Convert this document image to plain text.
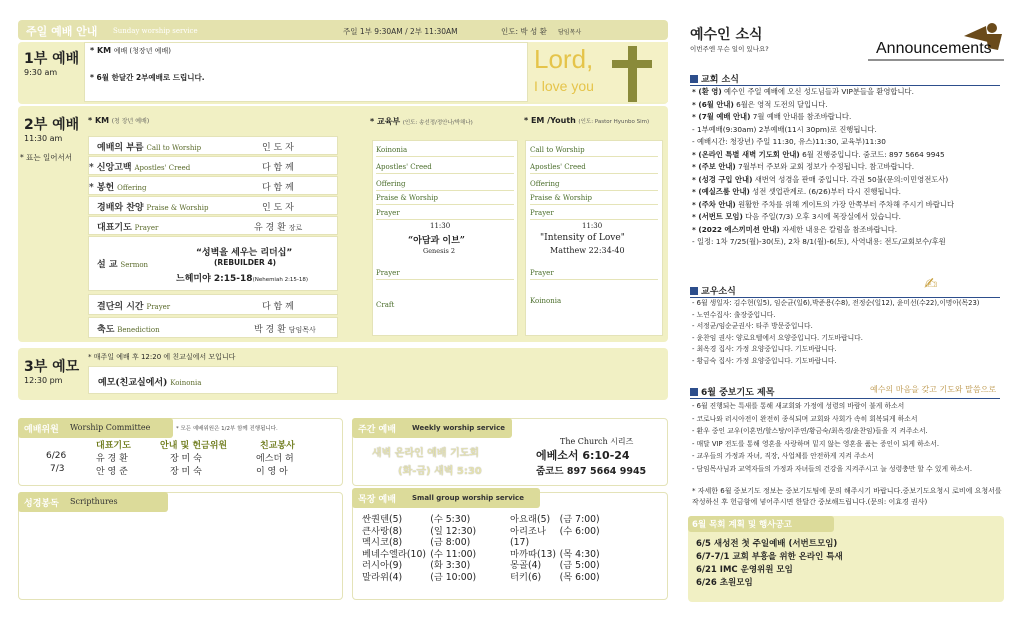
주일 예배 안내 Sunday worship service	주일 1부 9:30AM / 2부 11:30AM	인도: 박 성 환 담임목사
1부 예배
9:30 am
* KM 예배 (청장년 예배)
* 6월 한달간 2부예배로 드립니다.
Lord,
I love you
2부 예배
11:30 am
* 표는 일어서서
* KM (청 장년 예배)
예배의 부름 Call to Worship	인 도 자
* 신앙고백 Apostles' Creed	다 함 께
* 봉헌 Offering	다 함 께
경배와 찬양 Praise & Worship	인 도 자
대표기도 Prayer	유 경 환 장로
설 교 Sermon
“성벽을 세우는 리더십”
(REBUILDER 4)
느헤미야 2:15-18(Nehemiah 2:15-18)
결단의 시간 Prayer	다 함 께
축도 Benediction	박 경 환 담임목사
* 교육부 (인도: 송선정/정안나/박해나)
Koinonia
Apostles' Creed
Offering
Praise & Worship
Prayer
11:30
“아담과 이브”
Genesis 2
Prayer
Craft
* EM /Youth (인도: Pastor Hyunbo Sim)
Call to Worship
Apostles' Creed
Offering
Praise & Worship
Prayer
11:30
"Intensity of Love"
Matthew 22:34-40
Prayer
Koinonia
3부 예모
12:30 pm
* 매주일 예배 후 12:20 에 친교실에서 모입니다
예모(친교실에서) Koinonia
예배위원 Worship Committee	* 모든 예배위원은 1/2부 함께 진행됩니다.
대표기도	안내 및 헌금위원	친교봉사
6/26	유 경 환	장 미 숙	에스더 허
7/3	안 영 준	장 미 숙	이 영 아
성경봉독 Scripthures
주간 예배 Weekly worship service
새벽 온라인 예배 기도회
(화-금) 새벽 5:30
The Church 시리즈
에베소서 6:10-24
줌코드 897 5664 9945
목장 예배 Small group worship service
싼퀀텐(5)	(수 5:30)
큰사랑(8)	(일 12:30)
멕시코(8)	(금 8:00)
베네수엘라(10) (수 11:00)
러시아(9)	(화 3:30)
말라위(4)	(금 10:00)
아요래(5)	(금 7:00)
아리조나(17)
(수 6:00)
마까따(13) (목 4:30)
몽골(4)	(금 5:00)
터키(6)	(목 6:00)
예수인 소식
이번주엔 무슨 일이 있나요?	Announcements
교회 소식
* (환 영) 예수인 주일 예배에 오신 성도님들과 VIP분들을 환영합니다.
* (6월 안내) 6월은 영적 도전의 달입니다.
* (7월 예배 안내) 7월 예배 안내를 참조바랍니다.
- 1부예배(9:30am) 2부예배(11시 30pm)로 진행됩니다.
- 예배시간: 청장년) 주일 11:30, 유스)11:30, 교육부)11:30
* (온라인 특별 새벽 기도회 안내) 6월 진행중입니다. 줌코드: 897 5664 9945
* (주보 안내) 7월부터 주보와 교회 정보가 수정됩니다. 참고바랍니다.
* (성경 구입 안내) 새번역 성경을 판매 중입니다. 각권 50불(문의:이민영전도사)
* (예실즈룸 안내) 성전 셋업관계로. (6/26)부터 다시 진행됩니다.
* (주차 안내) 원활한 주차를 위해 게이트의 가장 안쪽부터 주차해 주시기 바랍니다
* (서번트 모임) 다음 주일(7/3) 오후 3시에 목장실에서 있습니다.
* (2022 에스끼미션 안내) 자세한 내용은 칼럼을 참조바랍니다.
- 일정: 1차 7/25(월)-30(토), 2차 8/1(월)-6(토), 사역내용: 전도/교회보수/후원
교우소식	✍
- 6월 생일자: 김수현(일5), 임순균(일6),박준용(수8), 전정순(일12), 윤미선(수22),이명아(목23)
- 노연수집사: 출장중입니다.
- 서정균/임순균권사: 타주 방문중입니다.
- 윤찬임 권사: 양로요텔에서 요양중입니다. 기도바랍니다.
- 최옥경 집사: 가정 요양중입니다. 기도바랍니다.
- 황금숙 집사: 가정 요양중입니다. 기도바랍니다.
6월 중보기도 제목	예수의 마음을 갖고 기도와 말씀으로
- 6월 진행되는 특새를 통해 새교회와 가정에 성령의 바람이 불게 하소서
- 코로나와 러시아전이 완전히 종식되며 교회와 사회가 속히 회복되게 하소서
- 환우 중인 교우(이혼먼/할스탕/이주연/황금숙/최옥경/윤찬임)들을 지 켜주소서.
- 매달 VIP 전도를 통해 영혼을 사랑하며 밑지 않는 영혼을 품는 증인이 되게 하소서.
- 교우들의 가정과 자녀, 직장, 사업체를 안전하게 지켜 주소서
- 담임목사님과 교역자들의 가정과 자녀들의 건강을 지켜주시고 늘 성령충만 할 수 있게 하소서.
* 자세한 6월 중보기도 정보는 중보기도팀에 문의 해주시기 바랍니다.중보기도요청시 로비에 요청서를 작성하신 후 헌금함에 넣어주시면 한달간 중보해드립니다.(문의: 이효경 권사)
6월 목회 계획 및 행사공고
6/5 새성전 첫 주일예배 (서번트모임)
6/7-7/1 교회 부흥을 위한 온라인 특새
6/21 IMC 운영위원 모임
6/26 초원모임
